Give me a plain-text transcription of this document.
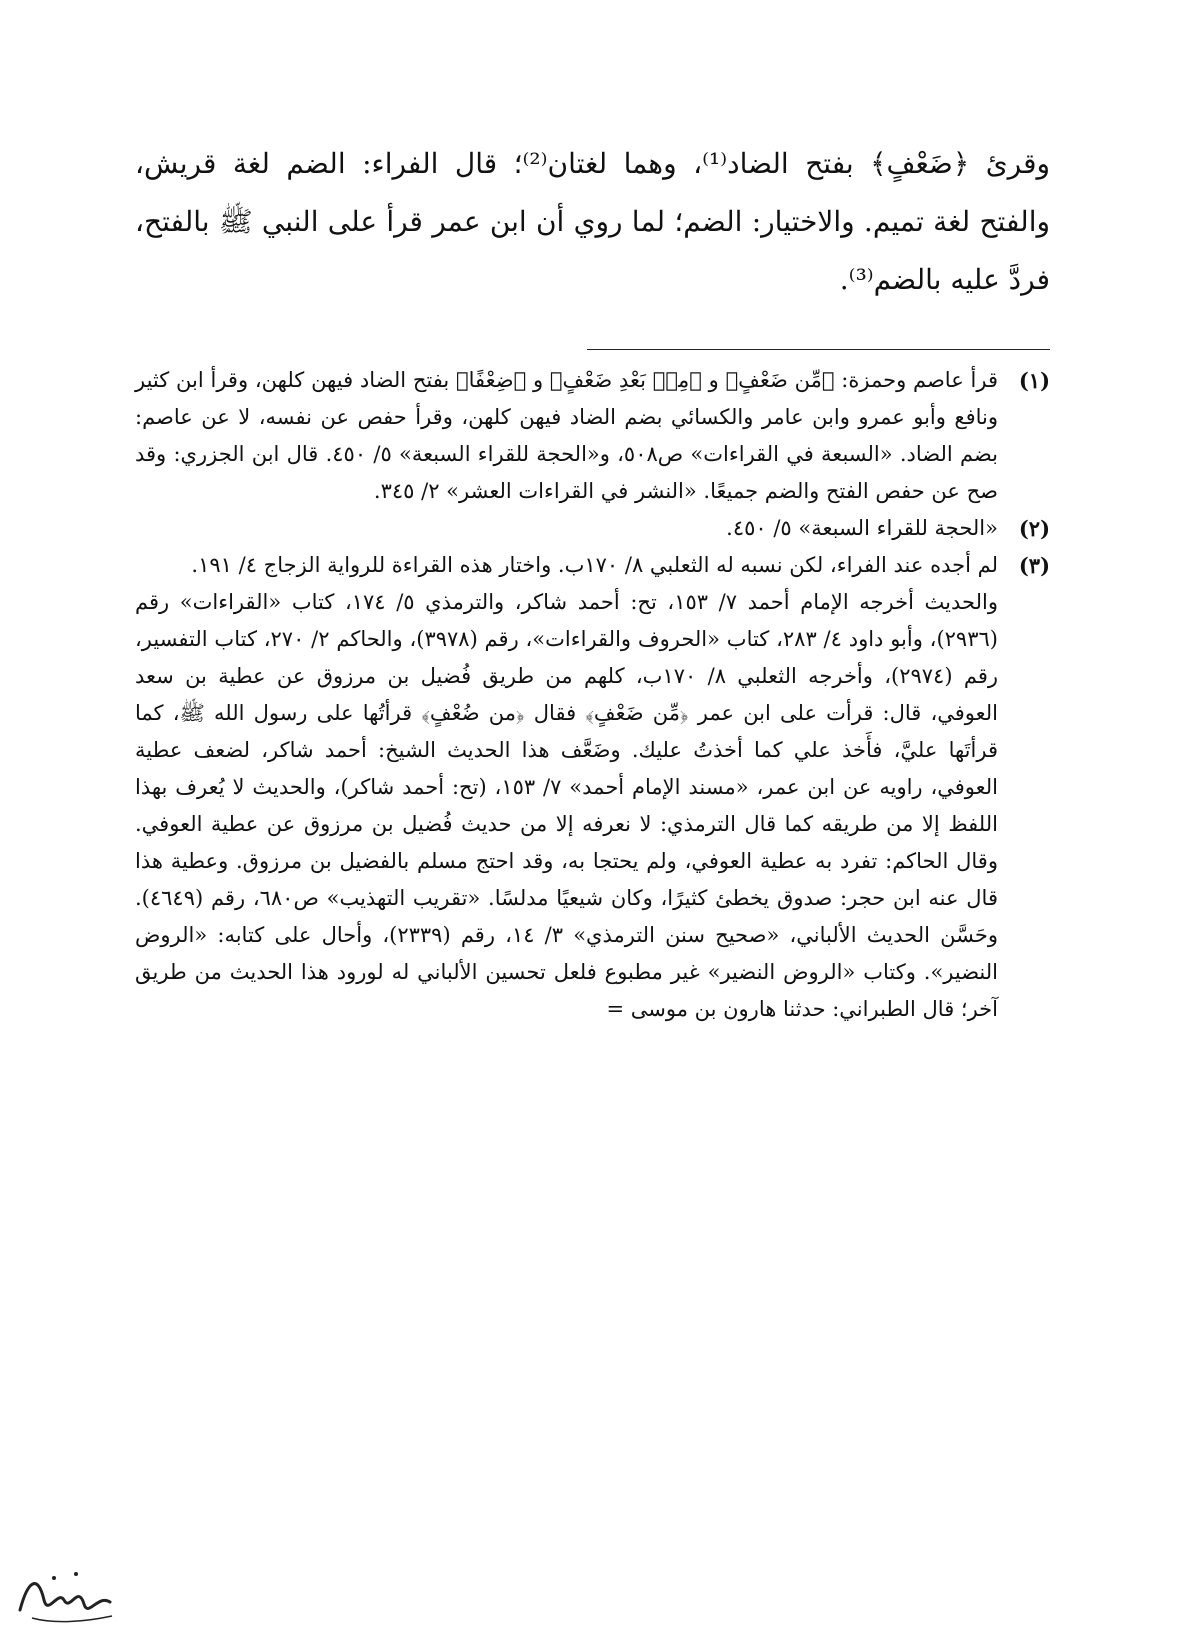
وقرئ ﴿ضَعْفٍ﴾ بفتح الضاد⁽¹⁾، وهما لغتان⁽²⁾؛ قال الفراء: الضم لغة قريش، والفتح لغة تميم. والاختيار: الضم؛ لما روي أن ابن عمر قرأ على النبي ﷺ بالفتح، فردَّ عليه بالضم⁽³⁾.

(١)
قرأ عاصم وحمزة: ﴿مِّن ضَعْفٍ﴾ و ﴿مِنۢ بَعْدِ ضَعْفٍ﴾ و ﴿ضِعْفًا﴾ بفتح الضاد فيهن كلهن، وقرأ ابن كثير ونافع وأبو عمرو وابن عامر والكسائي بضم الضاد فيهن كلهن، وقرأ حفص عن نفسه، لا عن عاصم: بضم الضاد. «السبعة في القراءات» ص٥٠٨، و«الحجة للقراء السبعة» ٥/ ٤٥٠. قال ابن الجزري: وقد صح عن حفص الفتح والضم جميعًا. «النشر في القراءات العشر» ٢/ ٣٤٥.
(٢)
«الحجة للقراء السبعة» ٥/ ٤٥٠.
(٣)
لم أجده عند الفراء، لكن نسبه له الثعلبي ٨/ ١٧٠ب. واختار هذه القراءة للرواية الزجاج ٤/ ١٩١.
والحديث أخرجه الإمام أحمد ٧/ ١٥٣، تح: أحمد شاكر، والترمذي ٥/ ١٧٤، كتاب «القراءات» رقم (٢٩٣٦)، وأبو داود ٤/ ٢٨٣، كتاب «الحروف والقراءات»، رقم (٣٩٧٨)، والحاكم ٢/ ٢٧٠، كتاب التفسير، رقم (٢٩٧٤)، وأخرجه الثعلبي ٨/ ١٧٠ب، كلهم من طريق فُضيل بن مرزوق عن عطية بن سعد العوفي، قال: قرأت على ابن عمر ﴿مِّن ضَعْفٍ﴾ فقال ﴿من ضُعْفٍ﴾ قرأتُها على رسول الله ﷺ، كما قرأتَها عليَّ، فأَخذ علي كما أخذتُ عليك. وضَعَّف هذا الحديث الشيخ: أحمد شاكر، لضعف عطية العوفي، راويه عن ابن عمر، «مسند الإمام أحمد» ٧/ ١٥٣، (تح: أحمد شاكر)، والحديث لا يُعرف بهذا اللفظ إلا من طريقه كما قال الترمذي: لا نعرفه إلا من حديث فُضيل بن مرزوق عن عطية العوفي. وقال الحاكم: تفرد به عطية العوفي، ولم يحتجا به، وقد احتج مسلم بالفضيل بن مرزوق. وعطية هذا قال عنه ابن حجر: صدوق يخطئ كثيرًا، وكان شيعيًا مدلسًا. «تقريب التهذيب» ص٦٨٠، رقم (٤٦٤٩). وحَسَّن الحديث الألباني، «صحيح سنن الترمذي» ٣/ ١٤، رقم (٢٣٣٩)، وأحال على كتابه: «الروض النضير». وكتاب «الروض النضير» غير مطبوع فلعل تحسين الألباني له لورود هذا الحديث من طريق آخر؛ قال الطبراني: حدثنا هارون بن موسى =
